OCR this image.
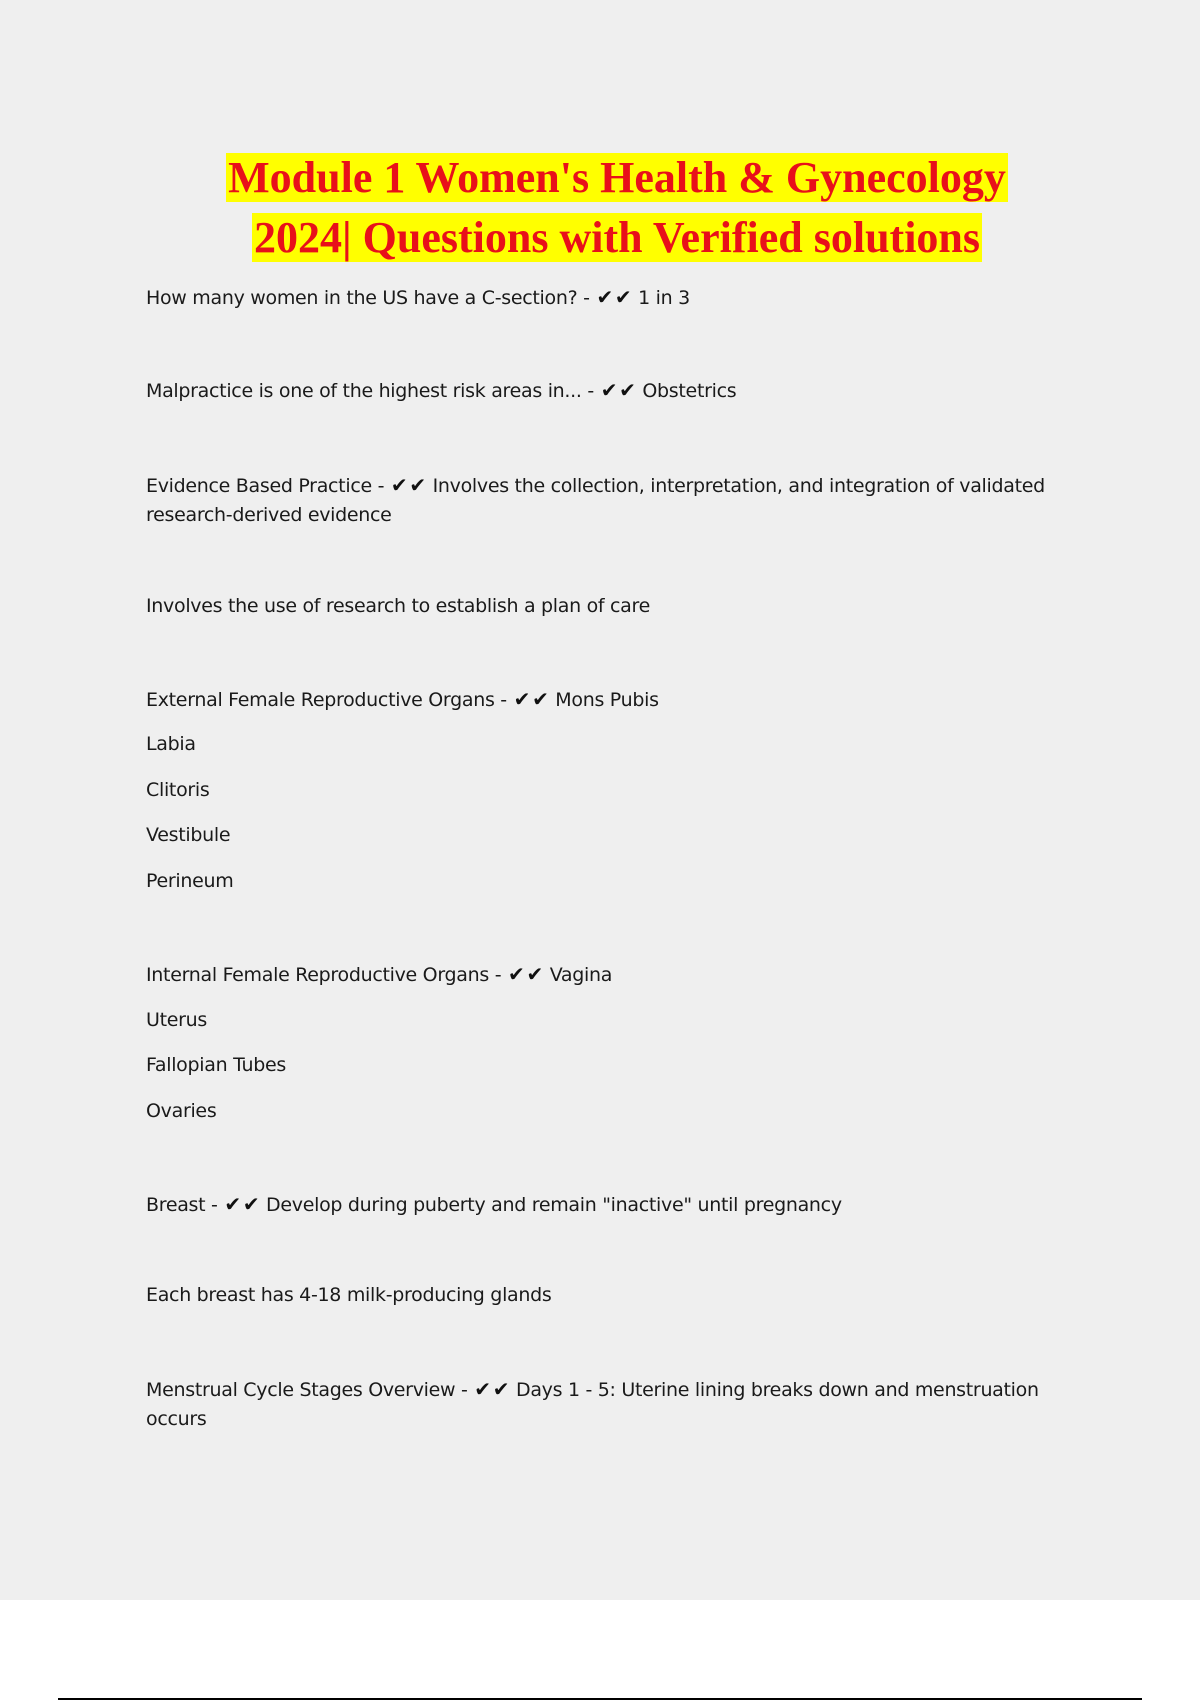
Module 1 Women's Health & Gynecology
2024| Questions with Verified solutions
How many women in the US have a C-section? - ✔ ✔ 1 in 3
Malpractice is one of the highest risk areas in... - ✔ ✔ Obstetrics
Evidence Based Practice - ✔ ✔ Involves the collection, interpretation, and integration of validated research-derived evidence
Involves the use of research to establish a plan of care
External Female Reproductive Organs - ✔ ✔ Mons Pubis
Labia
Clitoris
Vestibule
Perineum
Internal Female Reproductive Organs - ✔ ✔ Vagina
Uterus
Fallopian Tubes
Ovaries
Breast - ✔ ✔ Develop during puberty and remain "inactive" until pregnancy
Each breast has 4-18 milk-producing glands
Menstrual Cycle Stages Overview - ✔ ✔ Days 1 - 5: Uterine lining breaks down and menstruation occurs
